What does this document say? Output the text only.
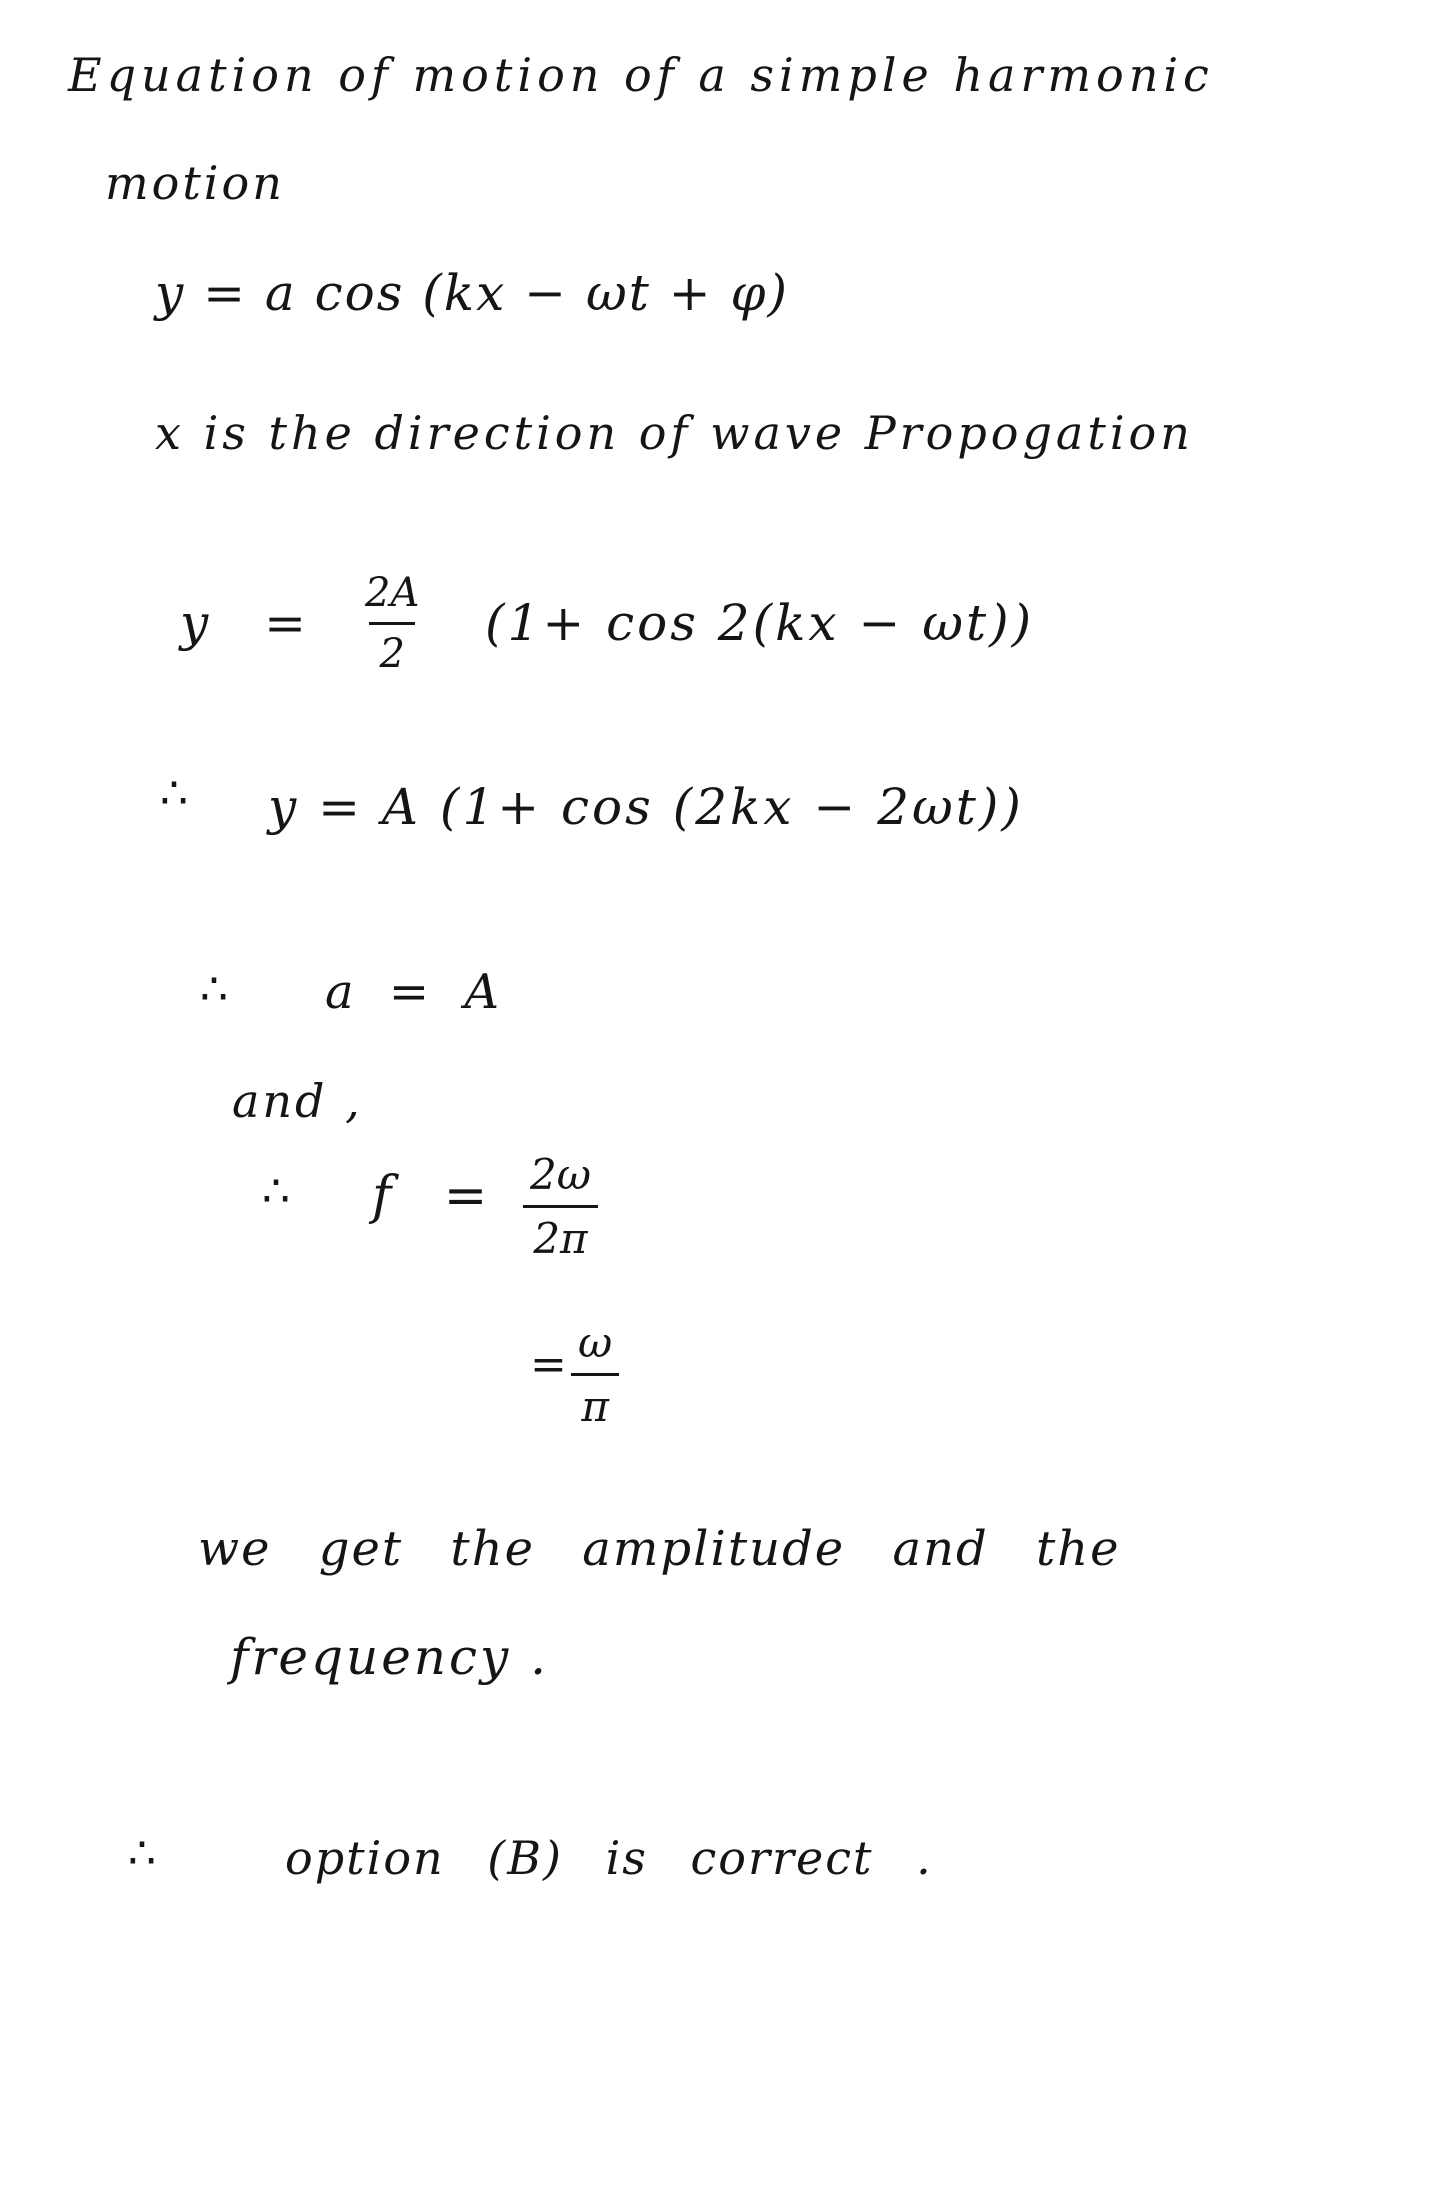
Equation of motion of a simple harmonic
motion
y = a cos (kx − ωt + φ)
x is the direction of wave Propogation
$y = \frac{2A}{2} (1+ \cos 2(kx - \omega t))$
∴ y = A (1+ cos (2kx − 2ωt))
∴ a = A
and ,
∴ $f = \frac{2\omega}{2\pi}$
= $\frac{\omega}{\pi}$
we get the amplitude and the
frequency .
∴	option (B) is correct .
